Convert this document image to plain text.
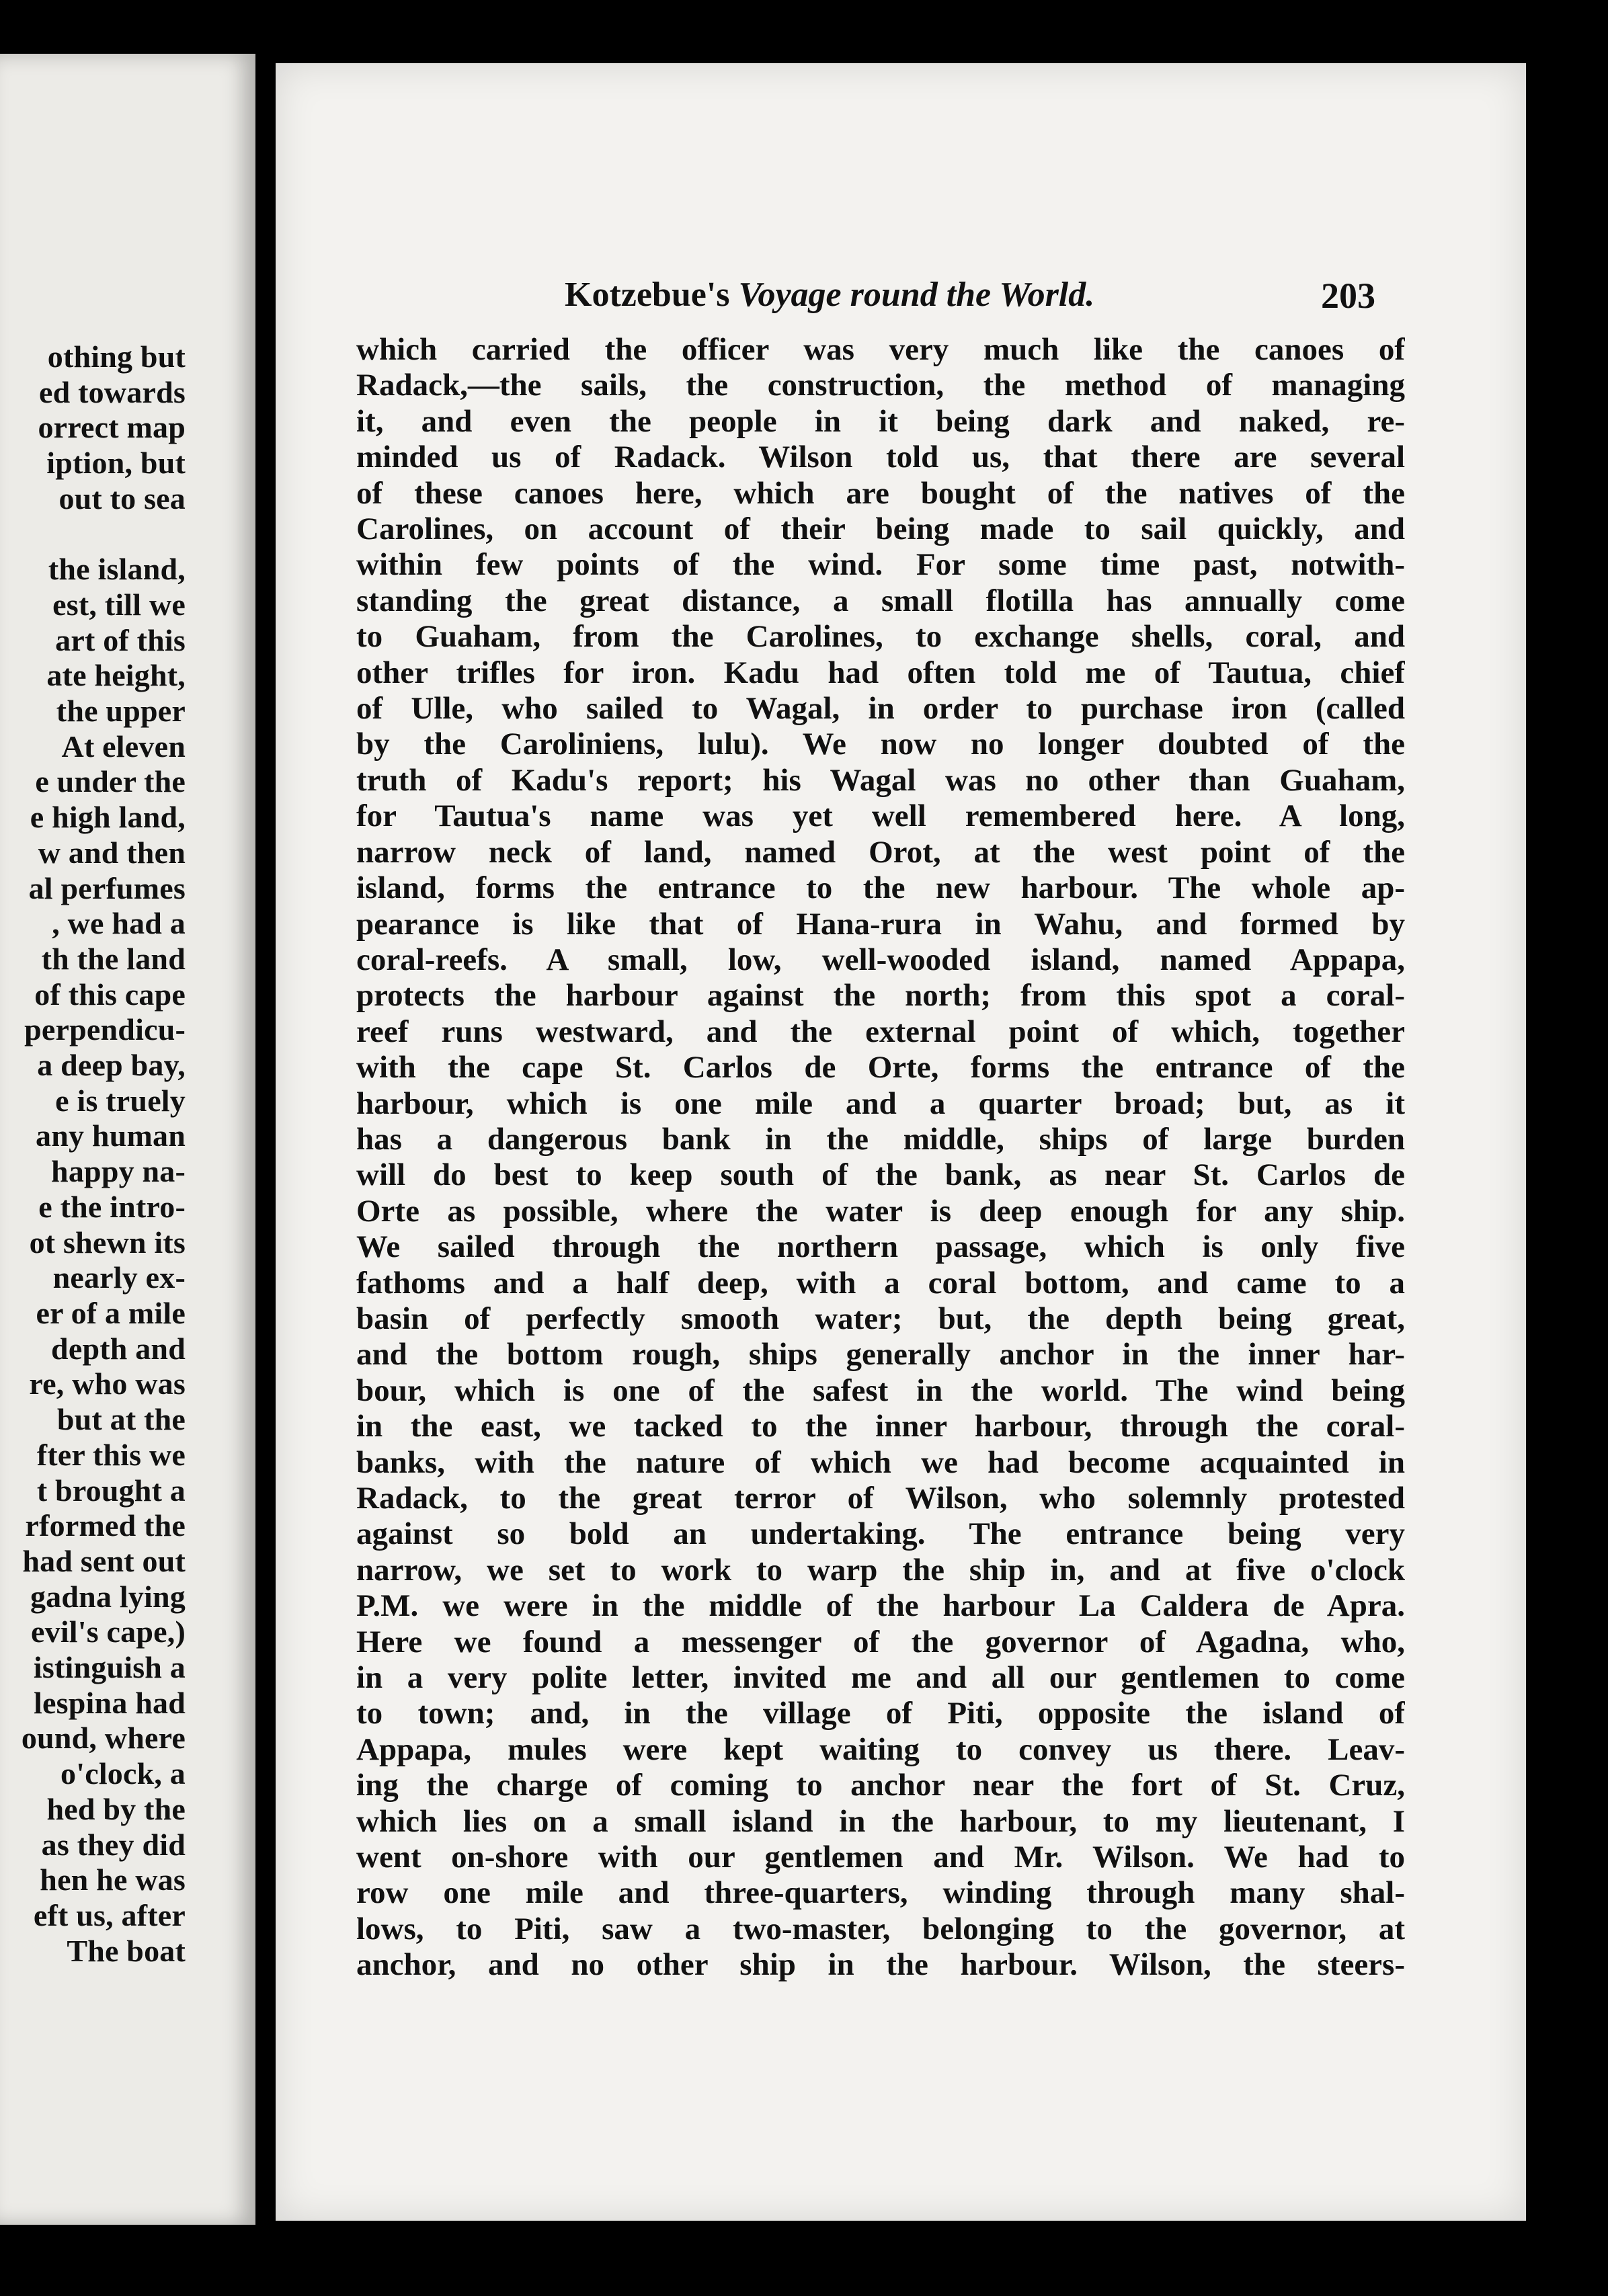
othing but
ed towards
orrect map
iption, but
out to sea

the island,
est, till we
art of this
ate height,
the upper
At eleven
e under the
e high land,
w and then
al perfumes
, we had a
th the land
of this cape
perpendicu-
a deep bay,
e is truely
any human
happy na-
e the intro-
ot shewn its
nearly ex-
er of a mile
depth and
re, who was
but at the
fter this we
t brought a
rformed the
had sent out
gadna lying
evil's cape,)
istinguish a
lespina had
ound, where
o'clock, a
hed by the
as they did
hen he was
eft us, after
The boat
Kotzebue's Voyage round the World.	203
which carried the officer was very much like the canoes of
Radack,—the sails, the construction, the method of managing
it, and even the people in it being dark and naked, re-
minded us of Radack. Wilson told us, that there are several
of these canoes here, which are bought of the natives of the
Carolines, on account of their being made to sail quickly, and
within few points of the wind. For some time past, notwith-
standing the great distance, a small flotilla has annually come
to Guaham, from the Carolines, to exchange shells, coral, and
other trifles for iron. Kadu had often told me of Tautua, chief
of Ulle, who sailed to Wagal, in order to purchase iron (called
by the Caroliniens, lulu). We now no longer doubted of the
truth of Kadu's report; his Wagal was no other than Guaham,
for Tautua's name was yet well remembered here. A long,
narrow neck of land, named Orot, at the west point of the
island, forms the entrance to the new harbour. The whole ap-
pearance is like that of Hana-rura in Wahu, and formed by
coral-reefs. A small, low, well-wooded island, named Appapa,
protects the harbour against the north; from this spot a coral-
reef runs westward, and the external point of which, together
with the cape St. Carlos de Orte, forms the entrance of the
harbour, which is one mile and a quarter broad; but, as it
has a dangerous bank in the middle, ships of large burden
will do best to keep south of the bank, as near St. Carlos de
Orte as possible, where the water is deep enough for any ship.
We sailed through the northern passage, which is only five
fathoms and a half deep, with a coral bottom, and came to a
basin of perfectly smooth water; but, the depth being great,
and the bottom rough, ships generally anchor in the inner har-
bour, which is one of the safest in the world. The wind being
in the east, we tacked to the inner harbour, through the coral-
banks, with the nature of which we had become acquainted in
Radack, to the great terror of Wilson, who solemnly protested
against so bold an undertaking. The entrance being very
narrow, we set to work to warp the ship in, and at five o'clock
P.M. we were in the middle of the harbour La Caldera de Apra.
Here we found a messenger of the governor of Agadna, who,
in a very polite letter, invited me and all our gentlemen to come
to town; and, in the village of Piti, opposite the island of
Appapa, mules were kept waiting to convey us there. Leav-
ing the charge of coming to anchor near the fort of St. Cruz,
which lies on a small island in the harbour, to my lieutenant, I
went on-shore with our gentlemen and Mr. Wilson. We had to
row one mile and three-quarters, winding through many shal-
lows, to Piti, saw a two-master, belonging to the governor, at
anchor, and no other ship in the harbour. Wilson, the steers-
